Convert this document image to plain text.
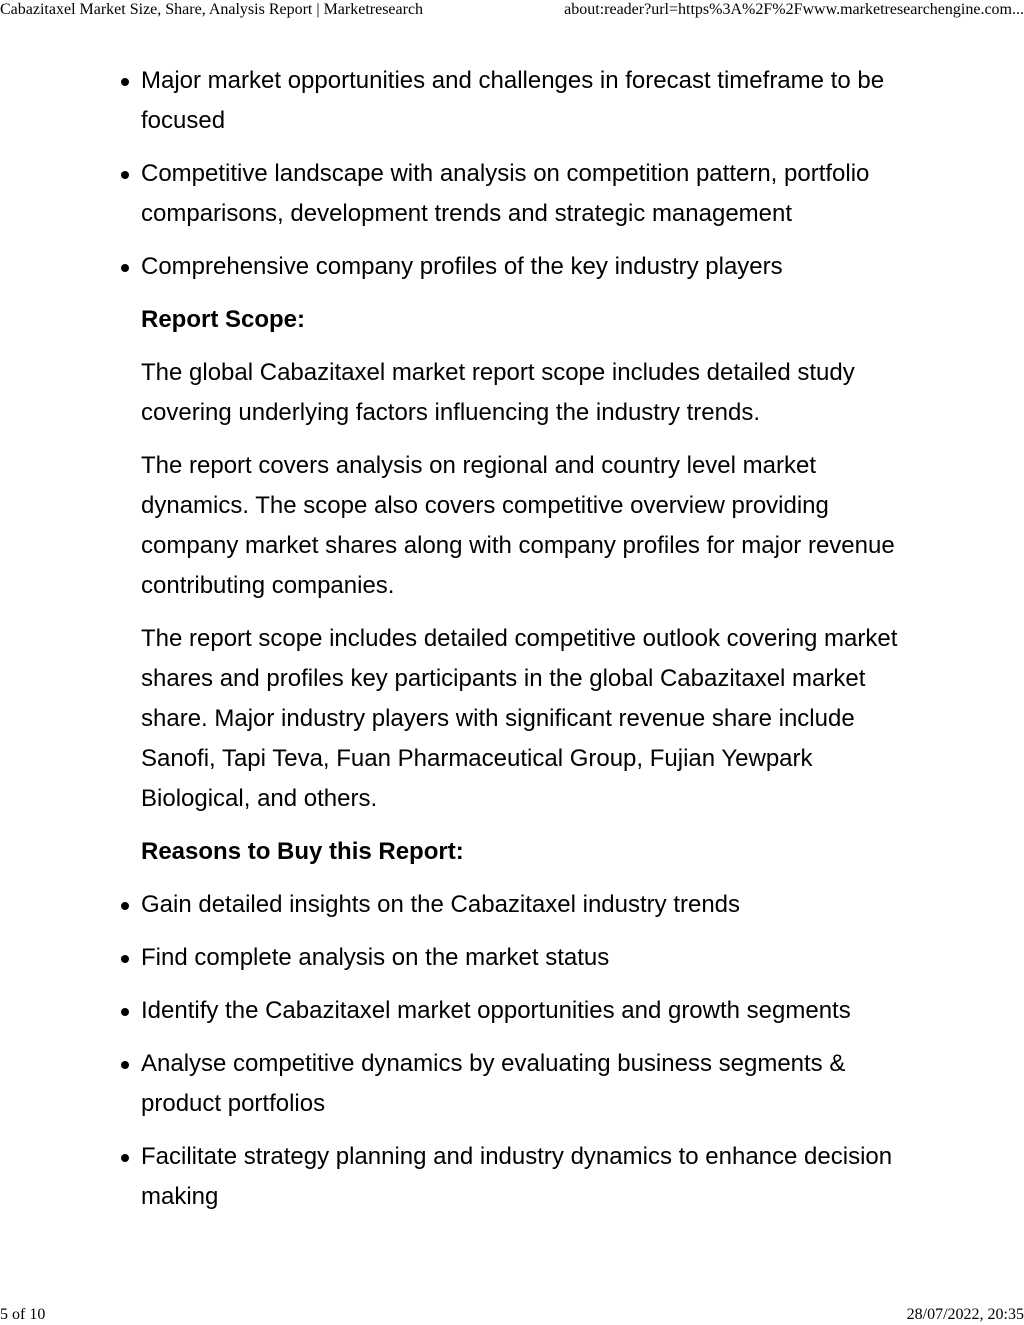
Cabazitaxel Market Size, Share, Analysis Report | Marketresearch	about:reader?url=https%3A%2F%2Fwww.marketresearchengine.com...
Major market opportunities and challenges in forecast timeframe to be focused
Competitive landscape with analysis on competition pattern, portfolio comparisons, development trends and strategic management
Comprehensive company profiles of the key industry players
Report Scope:

The global Cabazitaxel market report scope includes detailed study covering underlying factors influencing the industry trends.

The report covers analysis on regional and country level market dynamics. The scope also covers competitive overview providing company market shares along with company profiles for major revenue contributing companies.

The report scope includes detailed competitive outlook covering market shares and profiles key participants in the global Cabazitaxel market share. Major industry players with significant revenue share include Sanofi, Tapi Teva, Fuan Pharmaceutical Group, Fujian Yewpark Biological, and others.

Reasons to Buy this Report:
Gain detailed insights on the Cabazitaxel industry trends
Find complete analysis on the market status
Identify the Cabazitaxel market opportunities and growth segments
Analyse competitive dynamics by evaluating business segments & product portfolios
Facilitate strategy planning and industry dynamics to enhance decision making
5 of 10	28/07/2022, 20:35
